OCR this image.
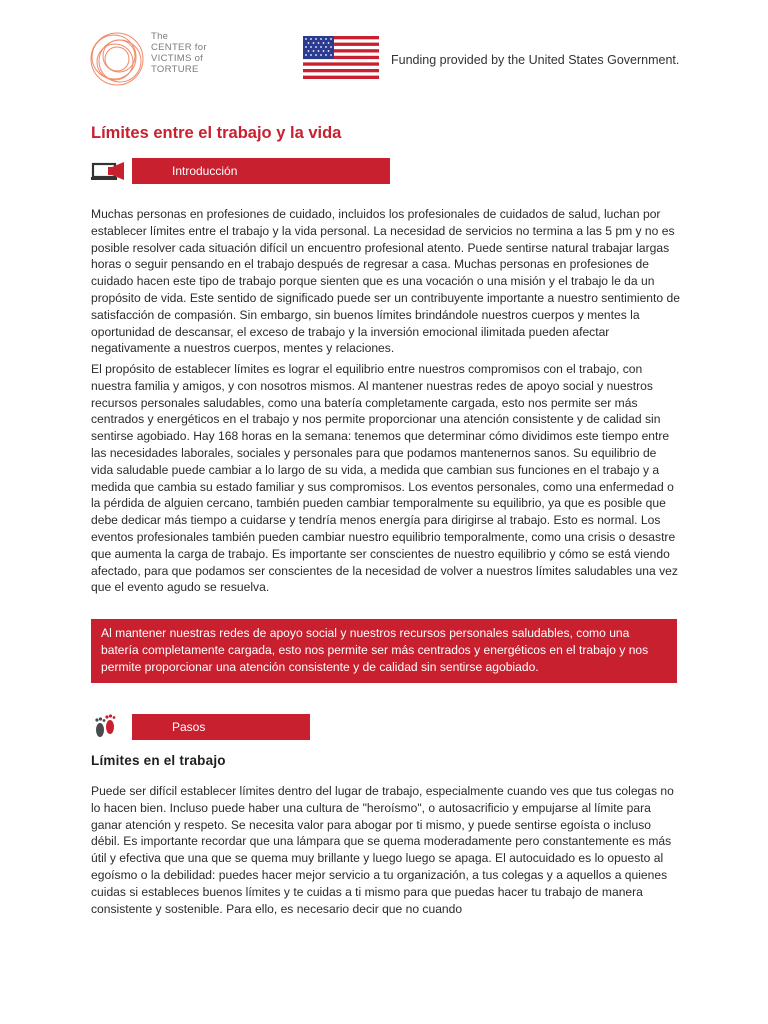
The
CENTER for
VICTIMS of
TORTURE
Funding provided by the United States Government.
Límites entre el trabajo y la vida
Introducción

Muchas personas en profesiones de cuidado, incluidos los profesionales de cuidados de salud, luchan por establecer límites entre el trabajo y la vida personal. La necesidad de servicios no termina a las 5 pm y no es posible resolver cada situación difícil un encuentro profesional atento. Puede sentirse natural trabajar largas horas o seguir pensando en el trabajo después de regresar a casa. Muchas personas en profesiones de cuidado hacen este tipo de trabajo porque sienten que es una vocación o una misión y el trabajo le da un propósito de vida. Este sentido de significado puede ser un contribuyente importante a nuestro sentimiento de satisfacción de compasión. Sin embargo, sin buenos límites brindándole nuestros cuerpos y mentes la oportunidad de descansar, el exceso de trabajo y la inversión emocional ilimitada pueden afectar negativamente a nuestros cuerpos, mentes y relaciones.

El propósito de establecer límites es lograr el equilibrio entre nuestros compromisos con el trabajo, con nuestra familia y amigos, y con nosotros mismos. Al mantener nuestras redes de apoyo social y nuestros recursos personales saludables, como una batería completamente cargada, esto nos permite ser más centrados y energéticos en el trabajo y nos permite proporcionar una atención consistente y de calidad sin sentirse agobiado. Hay 168 horas en la semana: tenemos que determinar cómo dividimos este tiempo entre las necesidades laborales, sociales y personales para que podamos mantenernos sanos. Su equilibrio de vida saludable puede cambiar a lo largo de su vida, a medida que cambian sus funciones en el trabajo y a medida que cambia su estado familiar y sus compromisos. Los eventos personales, como una enfermedad o la pérdida de alguien cercano, también pueden cambiar temporalmente su equilibrio, ya que es posible que debe dedicar más tiempo a cuidarse y tendría menos energía para dirigirse al trabajo. Esto es normal. Los eventos profesionales también pueden cambiar nuestro equilibrio temporalmente, como una crisis o desastre que aumenta la carga de trabajo. Es importante ser conscientes de nuestro equilibrio y cómo se está viendo afectado, para que podamos ser conscientes de la necesidad de volver a nuestros límites saludables una vez que el evento agudo se resuelva.

Al mantener nuestras redes de apoyo social y nuestros recursos personales saludables, como una batería completamente cargada, esto nos permite ser más centrados y energéticos en el trabajo y nos permite proporcionar una atención consistente y de calidad sin sentirse agobiado.
Pasos
Límites en el trabajo

Puede ser difícil establecer límites dentro del lugar de trabajo, especialmente cuando ves que tus colegas no lo hacen bien. Incluso puede haber una cultura de "heroísmo", o autosacrificio y empujarse al límite para ganar atención y respeto. Se necesita valor para abogar por ti mismo, y puede sentirse egoísta o incluso débil. Es importante recordar que una lámpara que se quema moderadamente pero constantemente es más útil y efectiva que una que se quema muy brillante y luego luego se apaga. El autocuidado es lo opuesto al egoísmo o la debilidad: puedes hacer mejor servicio a tu organización, a tus colegas y a aquellos a quienes cuidas si estableces buenos límites y te cuidas a ti mismo para que puedas hacer tu trabajo de manera consistente y sostenible. Para ello, es necesario decir que no cuando
